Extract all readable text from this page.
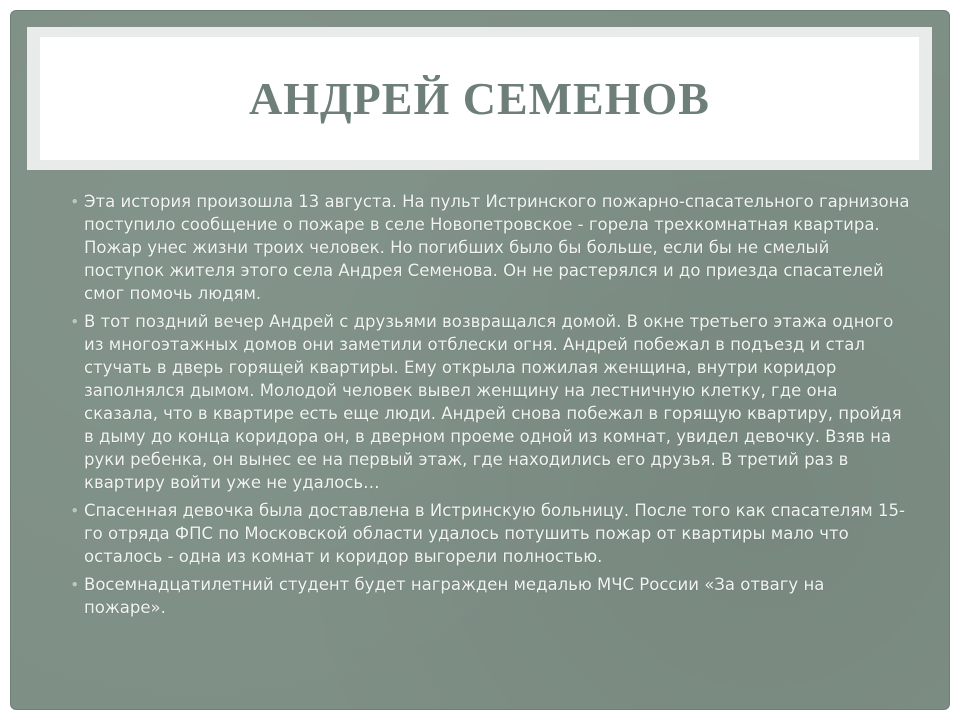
АНДРЕЙ СЕМЕНОВ

• Эта история произошла 13 августа. На пульт Истринского пожарно-спасательного гарнизона поступило сообщение о пожаре в селе Новопетровское - горела трехкомнатная квартира. Пожар унес жизни троих человек. Но погибших было бы больше, если бы не смелый поступок жителя этого села Андрея Семенова. Он не растерялся и до приезда спасателей смог помочь людям.

• В тот поздний вечер Андрей с друзьями возвращался домой. В окне третьего этажа одного из многоэтажных домов они заметили отблески огня. Андрей побежал в подъезд и стал стучать в дверь горящей квартиры. Ему открыла пожилая женщина, внутри коридор заполнялся дымом. Молодой человек вывел женщину на лестничную клетку, где она сказала, что в квартире есть еще люди. Андрей снова побежал в горящую квартиру, пройдя в дыму до конца коридора он, в дверном проеме одной из комнат, увидел девочку. Взяв на руки ребенка, он вынес ее на первый этаж, где находились его друзья. В третий раз в квартиру войти уже не удалось…

• Спасенная девочка была доставлена в Истринскую больницу. После того как спасателям 15-го отряда ФПС по Московской области удалось потушить пожар от квартиры мало что осталось - одна из комнат и коридор выгорели полностью.

• Восемнадцатилетний студент будет награжден медалью МЧС России «За отвагу на пожаре».
